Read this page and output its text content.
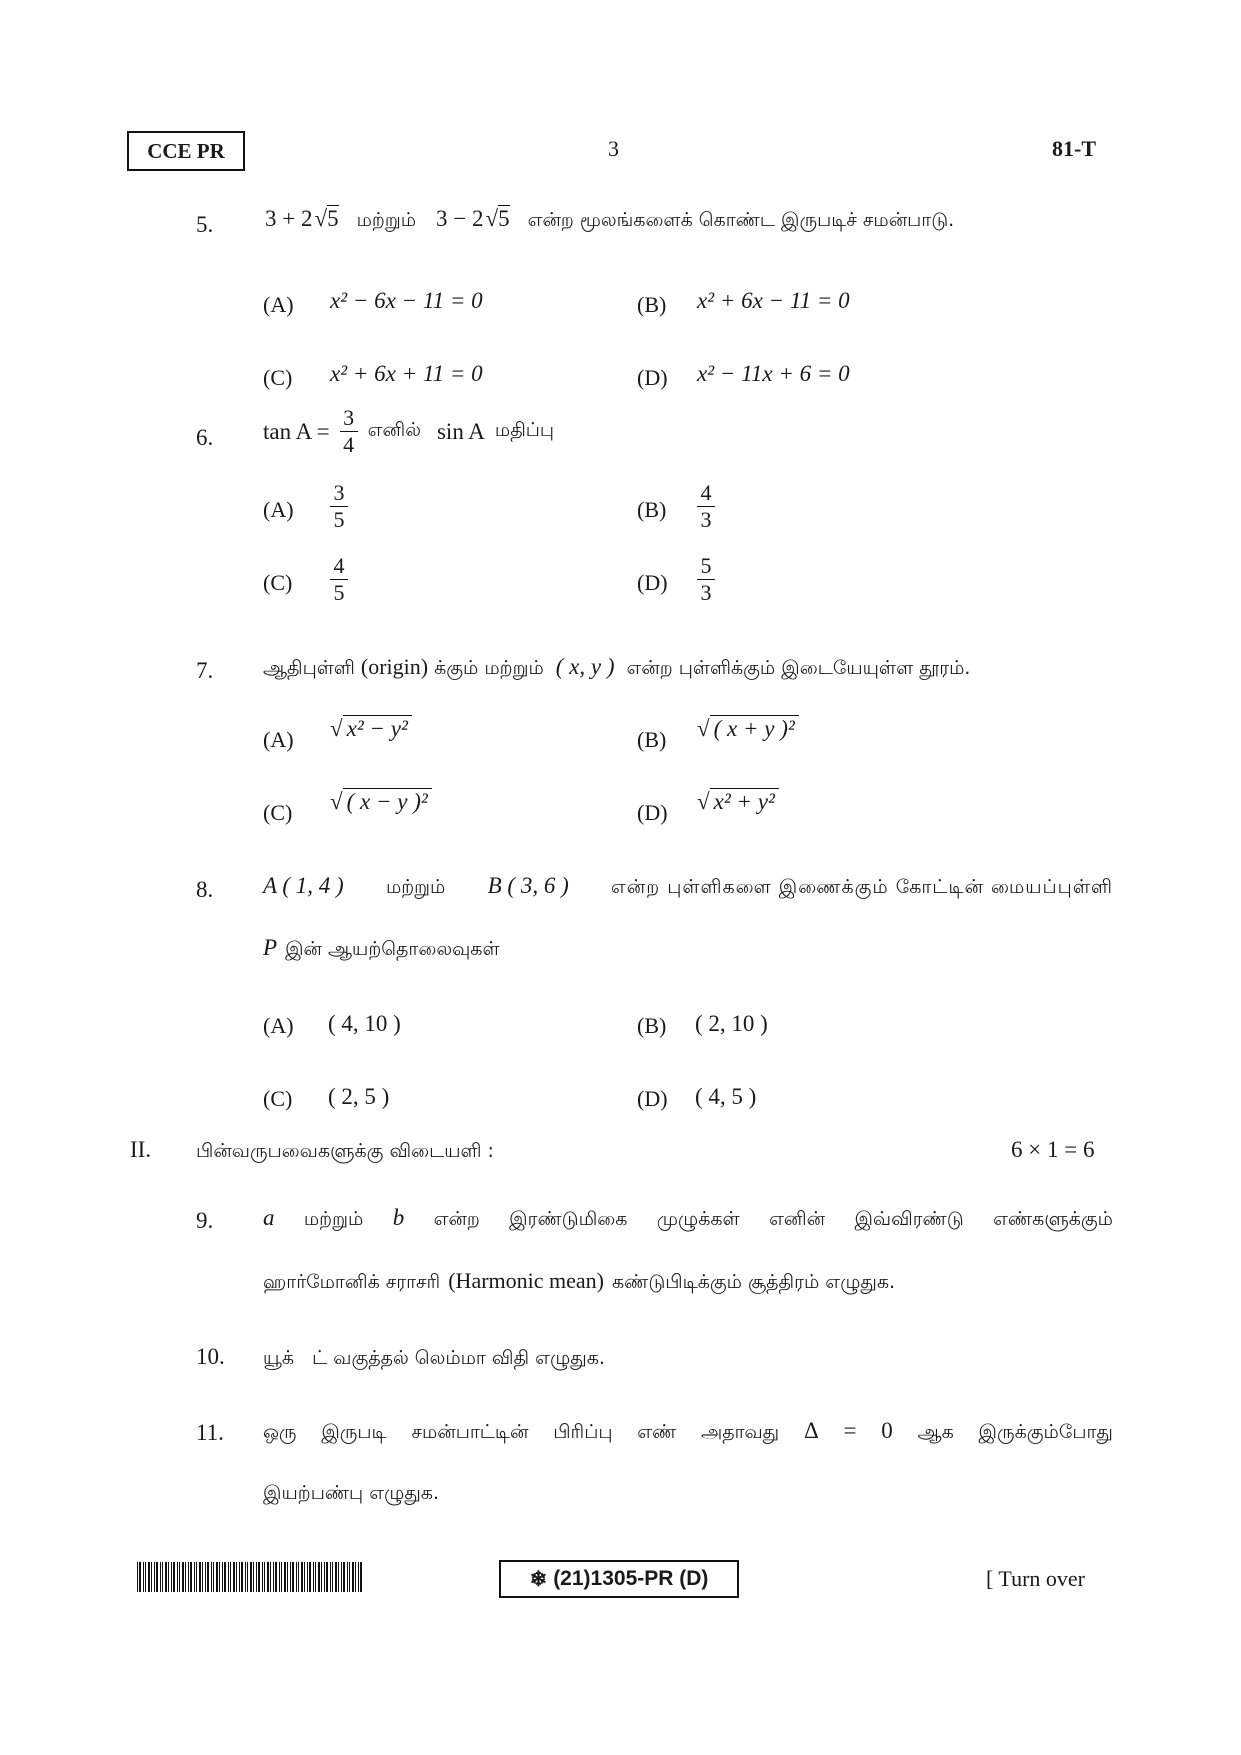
CCE PR	3	81-T
5. 3 + 2 √5 மற்றும் 3 − 2 √5 என்ற மூலங்களைக் கொண்ட இருபடிச் சமன்பாடு.
(A) x² − 6x − 11 = 0	(B) x² + 6x − 11 = 0
(C) x² + 6x + 11 = 0	(D) x² − 11x + 6 = 0
6. $\tan A = \frac{3}{4}$ எனில் sin A மதிப்பு
(A)
3
5	(B)
4
3
(C)
4
5	(D)
5
3
7.	ஆதிபுள்ளி (origin) க்கும் மற்றும் ( x, y ) என்ற புள்ளிக்கும் இடையேயுள்ள தூரம்.
(A) √ x² − y²	(B) √ ( x + y )²
(C) √ ( x − y )²	(D) √ x² + y²
8. A ( 1, 4 ) மற்றும் B ( 3, 6 ) என்ற புள்ளிகளை இணைக்கும் கோட்டின் மையப்புள்ளி
P இன் ஆயற்தொலைவுகள்
(A) ( 4, 10 )	(B) ( 2, 10 )
(C) ( 2, 5 )	(D) ( 4, 5 )
II. பின்வருபவைகளுக்கு விடையளி :	6 × 1 = 6
9. a மற்றும் b என்ற இரண்டுமிகை முழுக்கள் எனின் இவ்விரண்டு எண்களுக்கும்
ஹார்மோனிக் சராசரி (Harmonic mean) கண்டுபிடிக்கும் சூத்திரம் எழுதுக.
10. யூக்   ட் வகுத்தல் லெம்மா விதி எழுதுக.
11. ஒரு இருபடி சமன்பாட்டின் பிரிப்பு எண் அதாவது Δ = 0 ஆக இருக்கும்போது
இயற்பண்பு எழுதுக.
❄ (21)1305-PR (D)	[ Turn over
